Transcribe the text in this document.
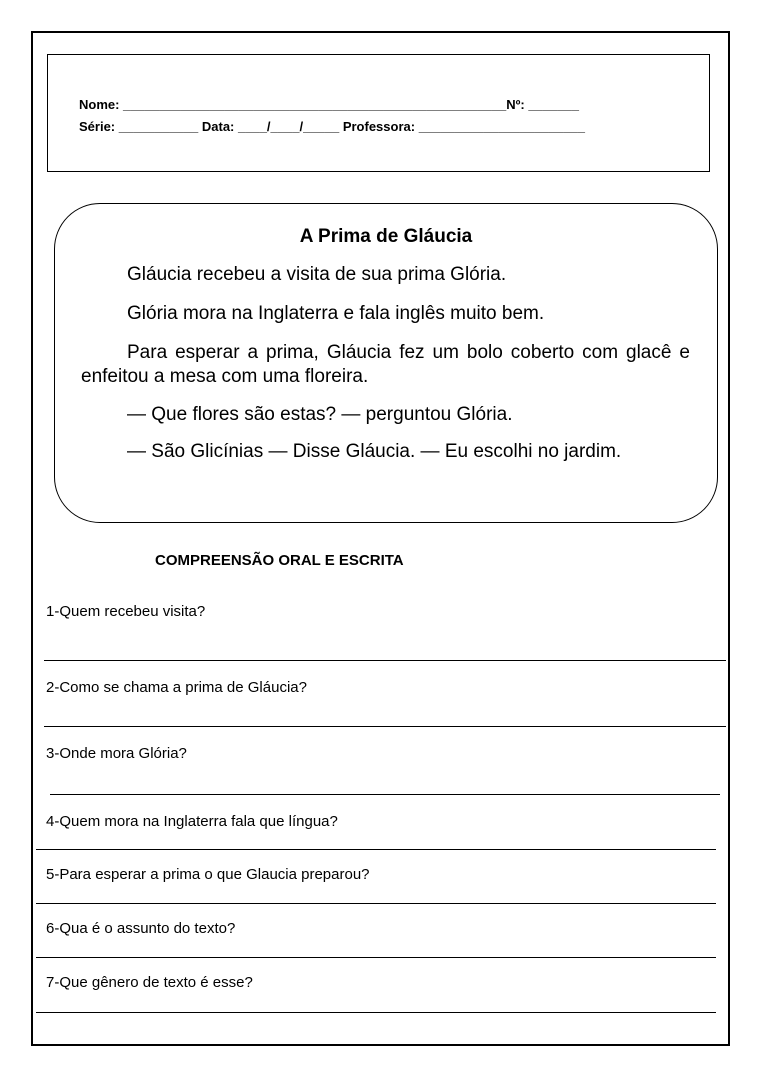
Nome: _____________________________________________________Nº: _______
Série: ___________ Data: ____/____/_____ Professora: _______________________
A Prima de Gláucia

Gláucia recebeu a visita de sua prima Glória.

Glória mora na Inglaterra e fala inglês muito bem.

Para esperar a prima, Gláucia fez um bolo coberto com glacê e enfeitou a mesa com uma floreira.

— Que flores são estas? — perguntou Glória.

— São Glicínias — Disse Gláucia. — Eu escolhi no jardim.

COMPREENSÃO ORAL E ESCRITA
1-Quem recebeu visita?
2-Como se chama a prima de Gláucia?
3-Onde mora Glória?
4-Quem mora na Inglaterra fala que língua?
5-Para esperar a prima o que Glaucia preparou?
6-Qua é o assunto do texto?
7-Que gênero de texto é esse?
